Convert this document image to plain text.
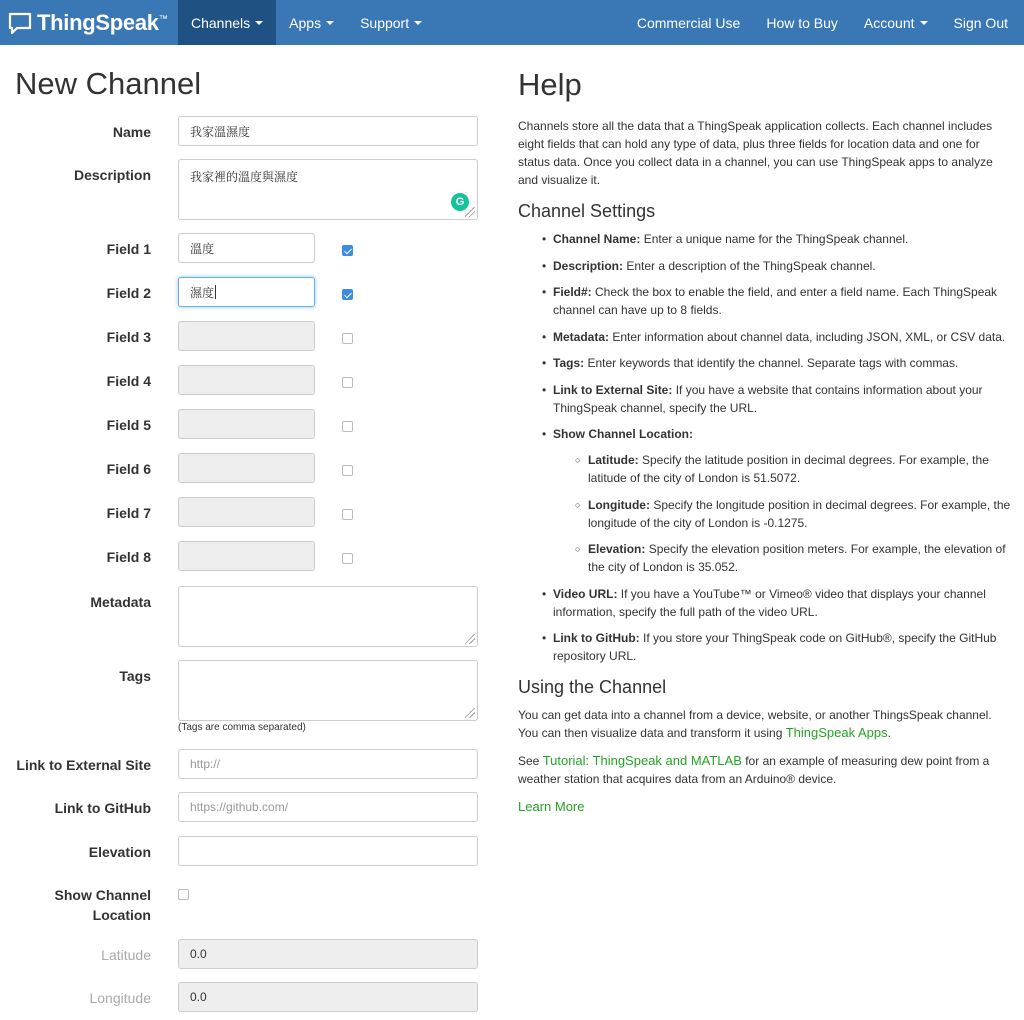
ThingSpeak™ Channels	Apps	Support	Commercial Use	How to Buy	Account	Sign Out
New Channel
Name	我家溫濕度
Description	我家裡的溫度與濕度
G
Field 1	溫度
Field 2	濕度
Field 3
Field 4
Field 5
Field 6
Field 7
Field 8
Metadata
Tags
(Tags are comma separated)
Link to External Site	http://
Link to GitHub	https://github.com/
Elevation
Show Channel
Location
Latitude	0.0
Longitude	0.0
Help

Channels store all the data that a ThingSpeak application collects. Each channel includes eight fields that can hold any type of data, plus three fields for location data and one for status data. Once you collect data in a channel, you can use ThingSpeak apps to analyze and visualize it.

Channel Settings
• Channel Name: Enter a unique name for the ThingSpeak channel.
• Description: Enter a description of the ThingSpeak channel.
• Field#: Check the box to enable the field, and enter a field name. Each ThingSpeak channel can have up to 8 fields.
• Metadata: Enter information about channel data, including JSON, XML, or CSV data.
• Tags: Enter keywords that identify the channel. Separate tags with commas.
• Link to External Site: If you have a website that contains information about your ThingSpeak channel, specify the URL.
• Show Channel Location:
○ Latitude: Specify the latitude position in decimal degrees. For example, the latitude of the city of London is 51.5072.
○ Longitude: Specify the longitude position in decimal degrees. For example, the longitude of the city of London is -0.1275.
○ Elevation: Specify the elevation position meters. For example, the elevation of the city of London is 35.052.
• Video URL: If you have a YouTube™ or Vimeo® video that displays your channel information, specify the full path of the video URL.
• Link to GitHub: If you store your ThingSpeak code on GitHub®, specify the GitHub repository URL.
Using the Channel

You can get data into a channel from a device, website, or another ThingsSpeak channel. You can then visualize data and transform it using ThingSpeak Apps.

See Tutorial: ThingSpeak and MATLAB for an example of measuring dew point from a weather station that acquires data from an Arduino® device.

Learn More
